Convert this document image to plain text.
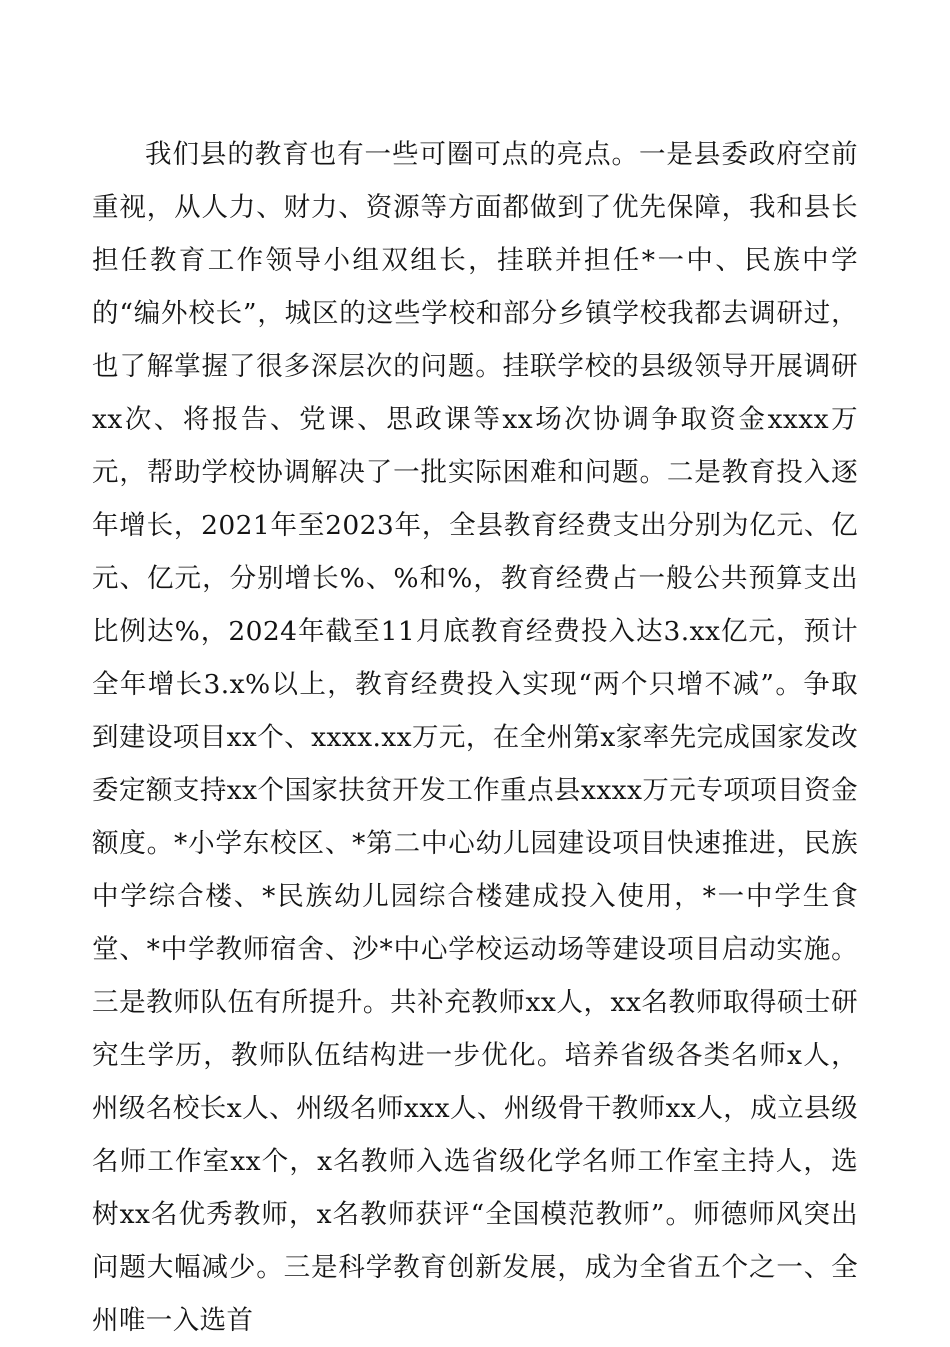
我们县的教育也有一些可圈可点的亮点。一是县委政府空前重视，从人力、财力、资源等方面都做到了优先保障，我和县长担任教育工作领导小组双组长，挂联并担任*一中、民族中学的“编外校长”，城区的这些学校和部分乡镇学校我都去调研过，也了解掌握了很多深层次的问题。挂联学校的县级领导开展调研xx次、将报告、党课、思政课等xx场次协调争取资金xxxx万元，帮助学校协调解决了一批实际困难和问题。二是教育投入逐年增长，2021年至2023年，全县教育经费支出分别为亿元、亿元、亿元，分别增长%、%和%，教育经费占一般公共预算支出比例达%，2024年截至11月底教育经费投入达3.xx亿元，预计全年增长3.x%以上，教育经费投入实现“两个只增不减”。争取到建设项目xx个、xxxx.xx万元，在全州第x家率先完成国家发改委定额支持xx个国家扶贫开发工作重点县xxxx万元专项项目资金额度。*小学东校区、*第二中心幼儿园建设项目快速推进，民族中学综合楼、*民族幼儿园综合楼建成投入使用，*一中学生食堂、*中学教师宿舍、沙*中心学校运动场等建设项目启动实施。三是教师队伍有所提升。共补充教师xx人，xx名教师取得硕士研究生学历，教师队伍结构进一步优化。培养省级各类名师x人，州级名校长x人、州级名师xxx人、州级骨干教师xx人，成立县级名师工作室xx个，x名教师入选省级化学名师工作室主持人，选树xx名优秀教师，x名教师获评“全国模范教师”。师德师风突出问题大幅减少。三是科学教育创新发展，成为全省五个之一、全州唯一入选首
